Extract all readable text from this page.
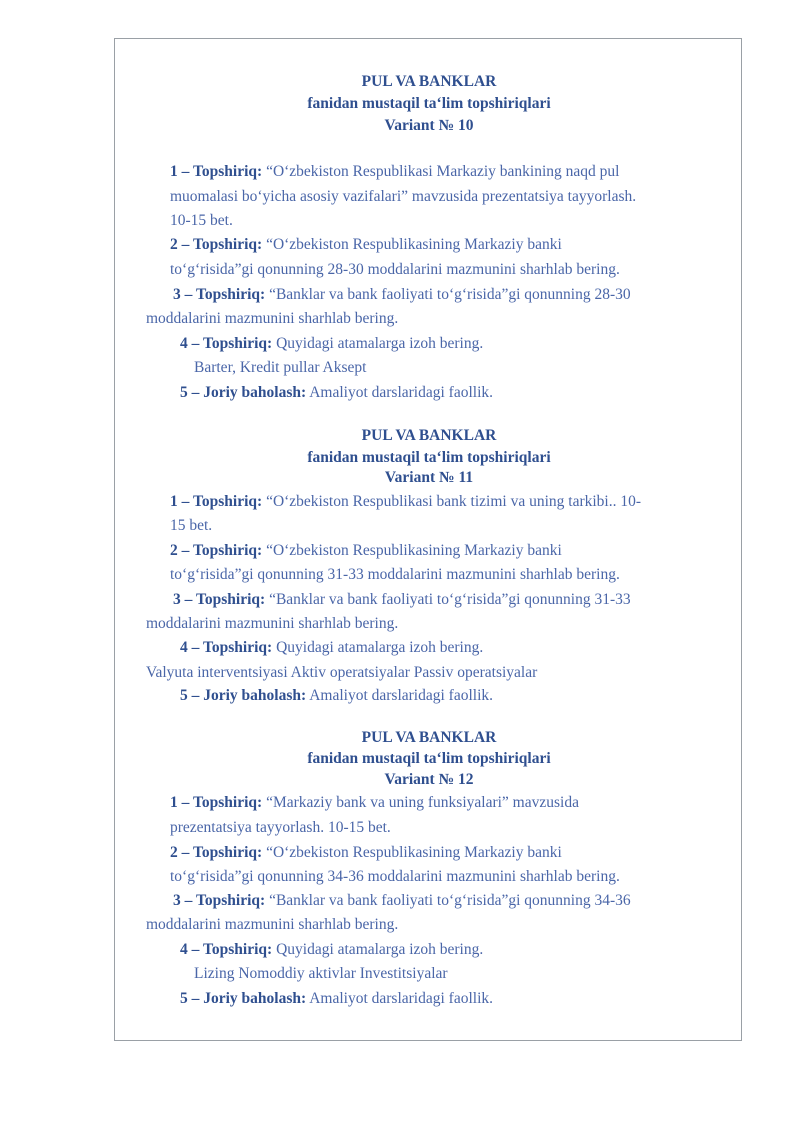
PUL VA BANKLAR
fanidan mustaqil ta‘lim topshiriqlari
Variant № 10
1 – Topshiriq: “O‘zbekiston Respublikasi Markaziy bankining naqd pul
muomalasi bo‘yicha asosiy vazifalari” mavzusida prezentatsiya tayyorlash.
10-15 bet.
2 – Topshiriq: “O‘zbekiston Respublikasining Markaziy banki
to‘g‘risida”gi qonunning 28-30 moddalarini mazmunini sharhlab bering.
3 – Topshiriq: “Banklar va bank faoliyati to‘g‘risida”gi qonunning 28-30
moddalarini mazmunini sharhlab bering.
4 – Topshiriq: Quyidagi atamalarga izoh bering.
Barter, Kredit pullar Aksept
5 – Joriy baholash: Amaliyot darslaridagi faollik.
PUL VA BANKLAR
fanidan mustaqil ta‘lim topshiriqlari
Variant № 11
1 – Topshiriq: “O‘zbekiston Respublikasi bank tizimi va uning tarkibi.. 10-
15 bet.
2 – Topshiriq: “O‘zbekiston Respublikasining Markaziy banki
to‘g‘risida”gi qonunning 31-33 moddalarini mazmunini sharhlab bering.
3 – Topshiriq: “Banklar va bank faoliyati to‘g‘risida”gi qonunning 31-33
moddalarini mazmunini sharhlab bering.
4 – Topshiriq: Quyidagi atamalarga izoh bering.
Valyuta interventsiyasi Aktiv operatsiyalar Passiv operatsiyalar
5 – Joriy baholash: Amaliyot darslaridagi faollik.
PUL VA BANKLAR
fanidan mustaqil ta‘lim topshiriqlari
Variant № 12
1 – Topshiriq: “Markaziy bank va uning funksiyalari” mavzusida
prezentatsiya tayyorlash. 10-15 bet.
2 – Topshiriq: “O‘zbekiston Respublikasining Markaziy banki
to‘g‘risida”gi qonunning 34-36 moddalarini mazmunini sharhlab bering.
3 – Topshiriq: “Banklar va bank faoliyati to‘g‘risida”gi qonunning 34-36
moddalarini mazmunini sharhlab bering.
4 – Topshiriq: Quyidagi atamalarga izoh bering.
Lizing Nomoddiy aktivlar Investitsiyalar
5 – Joriy baholash: Amaliyot darslaridagi faollik.
